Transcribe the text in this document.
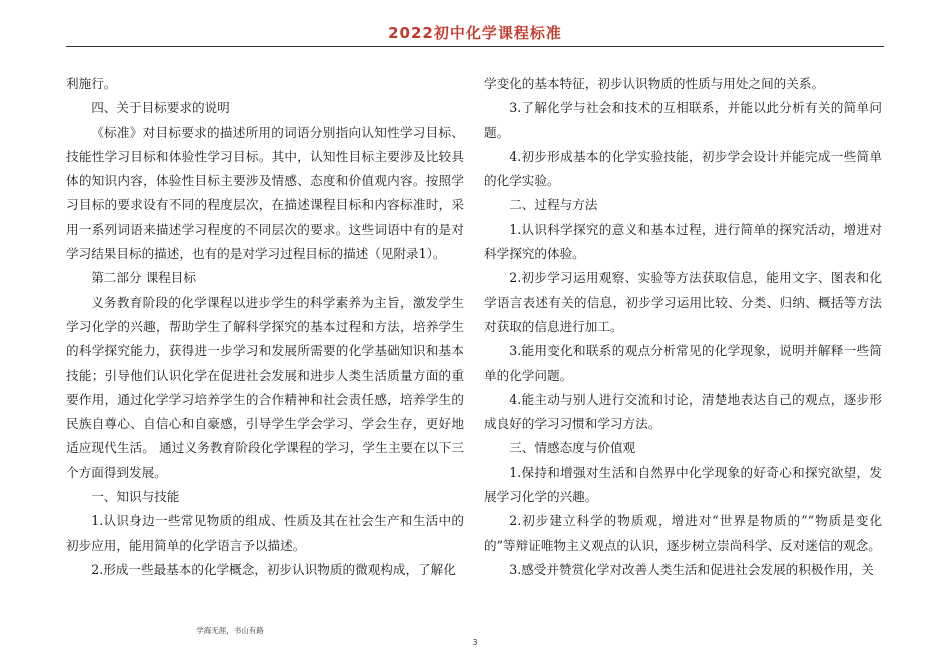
2022初中化学课程标准

利施行。

四、关于目标要求的说明

《标准》对目标要求的描述所用的词语分别指向认知性学习目标、技能性学习目标和体验性学习目标。其中，认知性目标主要涉及比较具体的知识内容，体验性目标主要涉及情感、态度和价值观内容。按照学习目标的要求设有不同的程度层次，在描述课程目标和内容标准时，采用一系列词语来描述学习程度的不同层次的要求。这些词语中有的是对学习结果目标的描述，也有的是对学习过程目标的描述（见附录1）。

第二部分 课程目标

义务教育阶段的化学课程以进步学生的科学素养为主旨，激发学生学习化学的兴趣，帮助学生了解科学探究的基本过程和方法，培养学生的科学探究能力，获得进一步学习和发展所需要的化学基础知识和基本技能；引导他们认识化学在促进社会发展和进步人类生活质量方面的重要作用，通过化学学习培养学生的合作精神和社会责任感，培养学生的民族自尊心、自信心和自豪感，引导学生学会学习、学会生存，更好地适应现代生活。 通过义务教育阶段化学课程的学习，学生主要在以下三个方面得到发展。

一、知识与技能

1.认识身边一些常见物质的组成、性质及其在社会生产和生活中的初步应用，能用简单的化学语言予以描述。

2.形成一些最基本的化学概念，初步认识物质的微观构成，了解化

学变化的基本特征，初步认识物质的性质与用处之间的关系。

3.了解化学与社会和技术的互相联系，并能以此分析有关的简单问题。

4.初步形成基本的化学实验技能，初步学会设计并能完成一些简单的化学实验。

二、过程与方法

1.认识科学探究的意义和基本过程，进行简单的探究活动，增进对科学探究的体验。

2.初步学习运用观察、实验等方法获取信息，能用文字、图表和化学语言表述有关的信息，初步学习运用比较、分类、归纳、概括等方法对获取的信息进行加工。

3.能用变化和联系的观点分析常见的化学现象，说明并解释一些简单的化学问题。

4.能主动与别人进行交流和讨论，清楚地表达自己的观点，逐步形成良好的学习习惯和学习方法。

三、情感态度与价值观

1.保持和增强对生活和自然界中化学现象的好奇心和探究欲望，发展学习化学的兴趣。

2.初步建立科学的物质观，增进对“世界是物质的”“物质是变化的”等辩证唯物主义观点的认识，逐步树立崇尚科学、反对迷信的观念。

3.感受并赞赏化学对改善人类生活和促进社会发展的积极作用，关

学海无涯，书山有路
3
